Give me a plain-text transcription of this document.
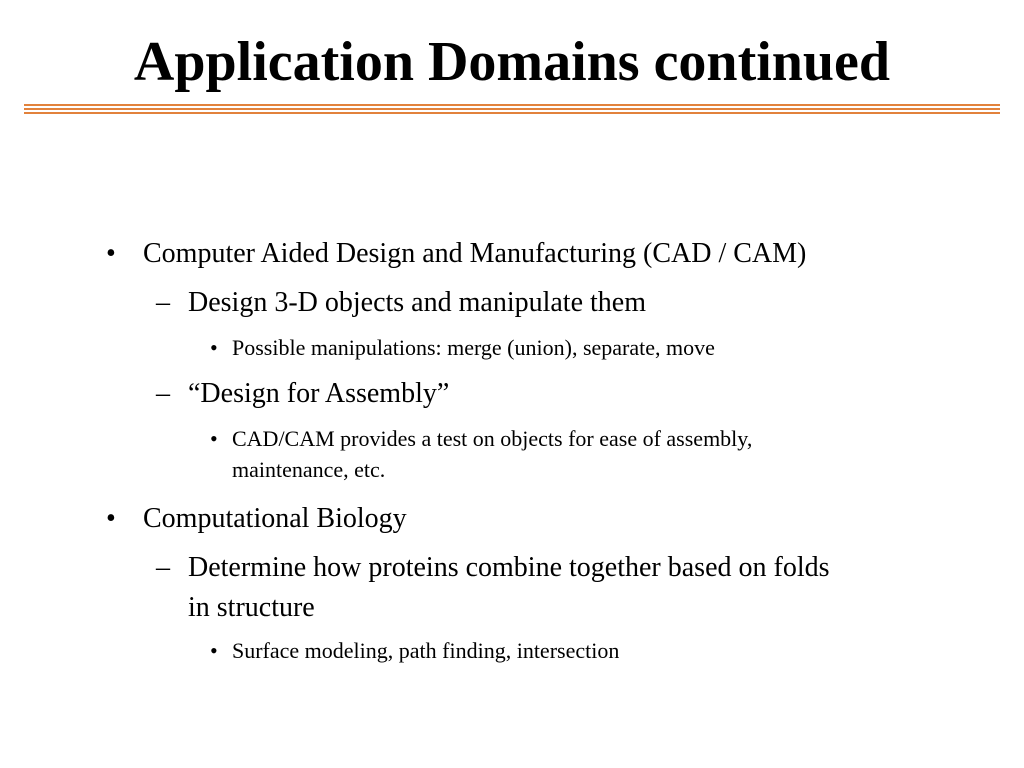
Application Domains continued
• Computer Aided Design and Manufacturing (CAD / CAM)
– Design 3-D objects and manipulate them
• Possible manipulations: merge (union), separate, move
– “Design for Assembly”
• CAD/CAM provides a test on objects for ease of assembly,
maintenance, etc.
• Computational Biology
– Determine how proteins combine together based on folds
in structure
• Surface modeling, path finding, intersection
